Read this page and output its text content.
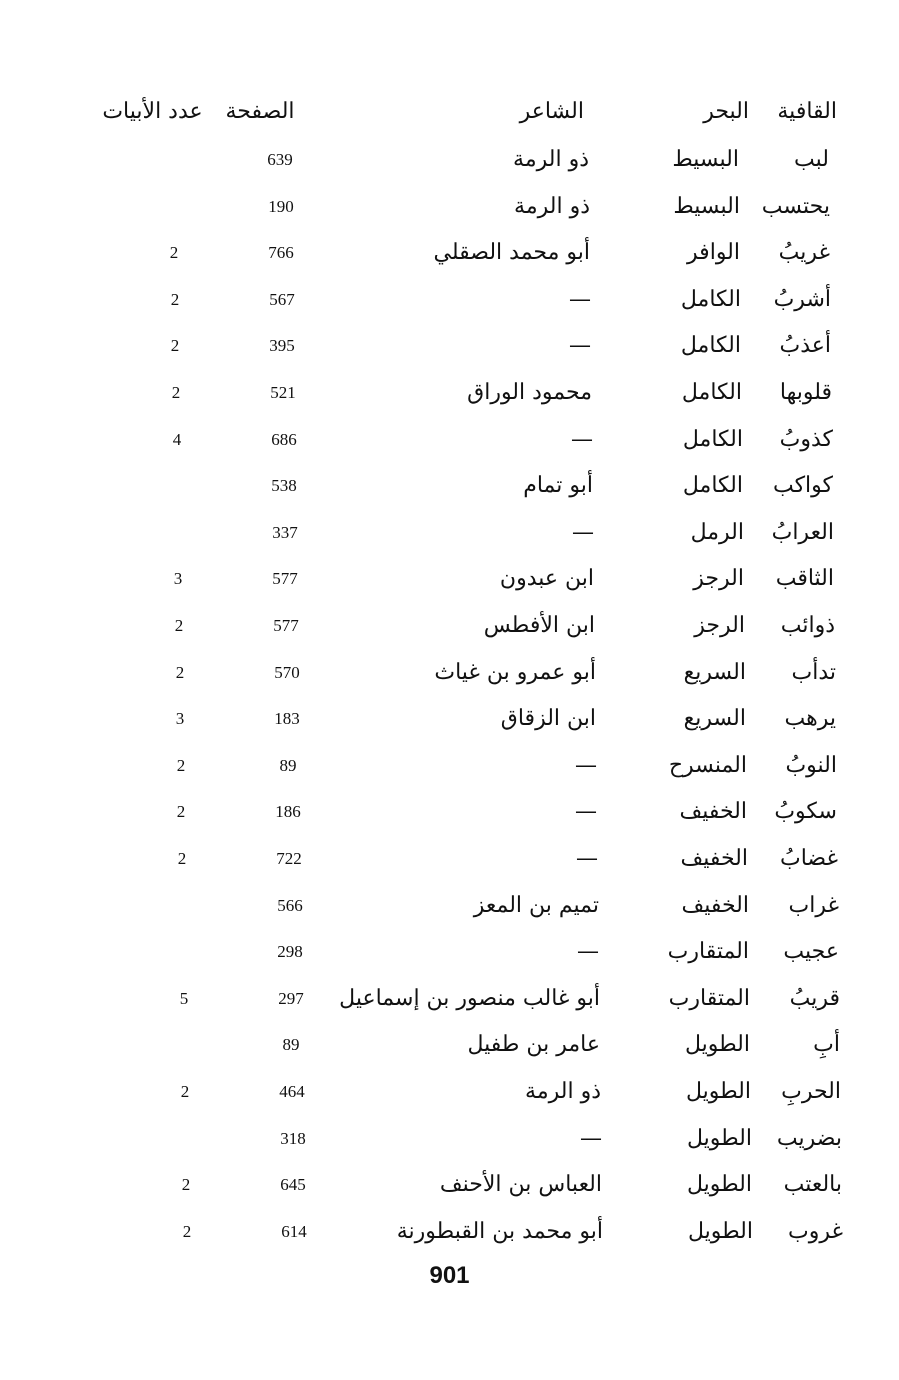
القافية
البحر
الشاعر
الصفحة
عدد الأبيات
لبب
البسيط
ذو الرمة
639
يحتسب
البسيط
ذو الرمة
190
غريبُ
الوافر
أبو محمد الصقلي
766
2
أشربُ
الكامل
—
567
2
أعذبُ
الكامل
—
395
2
قلوبها
الكامل
محمود الوراق
521
2
كذوبُ
الكامل
—
686
4
كواكب
الكامل
أبو تمام
538
العرابُ
الرمل
—
337
الثاقب
الرجز
ابن عبدون
577
3
ذوائب
الرجز
ابن الأفطس
577
2
تدأب
السريع
أبو عمرو بن غياث
570
2
يرهب
السريع
ابن الزقاق
183
3
النوبُ
المنسرح
—
89
2
سكوبُ
الخفيف
—
186
2
غضابُ
الخفيف
—
722
2
غراب
الخفيف
تميم بن المعز
566
عجيب
المتقارب
—
298
قريبُ
المتقارب
أبو غالب منصور بن إسماعيل
297
5
أبِ
الطويل
عامر بن طفيل
89
الحربِ
الطويل
ذو الرمة
464
2
بضريب
الطويل
—
318
بالعتب
الطويل
العباس بن الأحنف
645
2
غروب
الطويل
أبو محمد بن القبطورنة
614
2
901
